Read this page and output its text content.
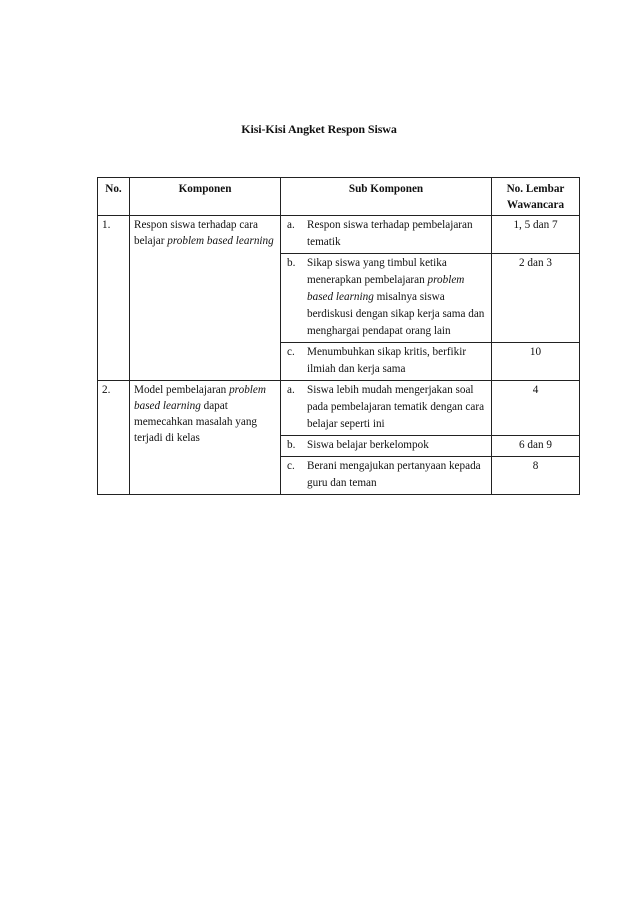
Kisi-Kisi Angket Respon Siswa
No.	Komponen	Sub Komponen	No. Lembar Wawancara
1.	Respon siswa terhadap cara belajar problem based learning	a. Respon siswa terhadap pembelajaran tematik	1, 5 dan 7

		b. Sikap siswa yang timbul ketika menerapkan pembelajaran problem based learning misalnya siswa berdiskusi dengan sikap kerja sama dan menghargai pendapat orang lain	2 dan 3

		c. Menumbuhkan sikap kritis, berfikir ilmiah dan kerja sama	10
2.	Model pembelajaran problem based learning dapat memecahkan masalah yang terjadi di kelas	a. Siswa lebih mudah mengerjakan soal pada pembelajaran tematik dengan cara belajar seperti ini	4

		b. Siswa belajar berkelompok	6 dan 9

		c. Berani mengajukan pertanyaan kepada guru dan teman	8
